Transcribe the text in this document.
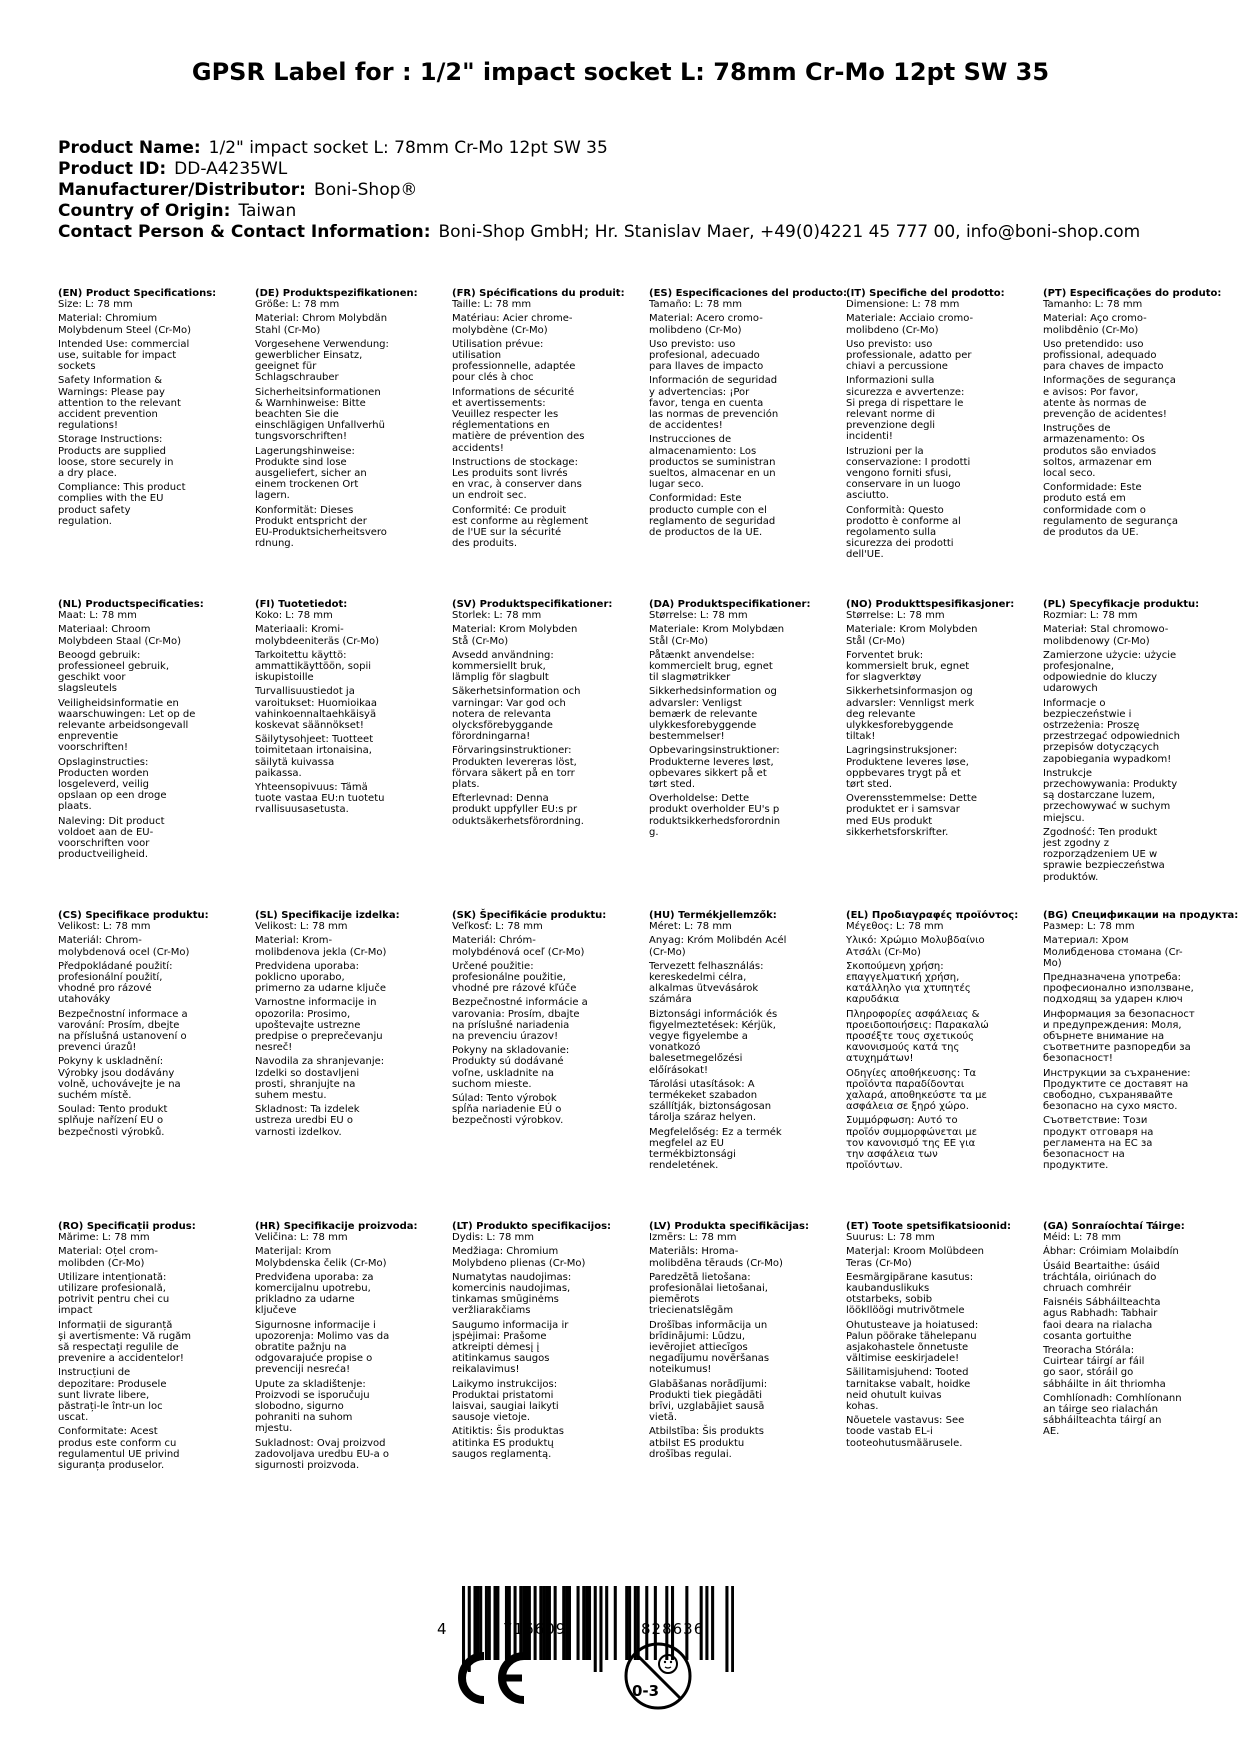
GPSR Label for : 1/2" impact socket L: 78mm Cr-Mo 12pt SW 35
Product Name: 1/2" impact socket L: 78mm Cr-Mo 12pt SW 35
Product ID: DD-A4235WL
Manufacturer/Distributor: Boni-Shop®
Country of Origin: Taiwan
Contact Person & Contact Information: Boni-Shop GmbH; Hr. Stanislav Maer, +49(0)4221 45 777 00, info@boni-shop.com
(EN) Product Specifications:
Size: L: 78 mm
Material: Chromium
Molybdenum Steel (Cr-Mo)
Intended Use: commercial
use, suitable for impact
sockets
Safety Information &
Warnings: Please pay
attention to the relevant
accident prevention
regulations!
Storage Instructions:
Products are supplied
loose, store securely in
a dry place.
Compliance: This product
complies with the EU
product safety
regulation.
(DE) Produktspezifikationen:
Größe: L: 78 mm
Material: Chrom Molybdän
Stahl (Cr-Mo)
Vorgesehene Verwendung:
gewerblicher Einsatz,
geeignet für
Schlagschrauber
Sicherheitsinformationen
& Warnhinweise: Bitte
beachten Sie die
einschlägigen Unfallverhü
tungsvorschriften!
Lagerungshinweise:
Produkte sind lose
ausgeliefert, sicher an
einem trockenen Ort
lagern.
Konformität: Dieses
Produkt entspricht der
EU-Produktsicherheitsvero
rdnung.
(FR) Spécifications du produit:
Taille: L: 78 mm
Matériau: Acier chrome-
molybdène (Cr-Mo)
Utilisation prévue:
utilisation
professionnelle, adaptée
pour clés à choc
Informations de sécurité
et avertissements:
Veuillez respecter les
réglementations en
matière de prévention des
accidents!
Instructions de stockage:
Les produits sont livrés
en vrac, à conserver dans
un endroit sec.
Conformité: Ce produit
est conforme au règlement
de l'UE sur la sécurité
des produits.
(ES) Especificaciones del producto:
Tamaño: L: 78 mm
Material: Acero cromo-
molibdeno (Cr-Mo)
Uso previsto: uso
profesional, adecuado
para llaves de impacto
Información de seguridad
y advertencias: ¡Por
favor, tenga en cuenta
las normas de prevención
de accidentes!
Instrucciones de
almacenamiento: Los
productos se suministran
sueltos, almacenar en un
lugar seco.
Conformidad: Este
producto cumple con el
reglamento de seguridad
de productos de la UE.
(IT) Specifiche del prodotto:
Dimensione: L: 78 mm
Materiale: Acciaio cromo-
molibdeno (Cr-Mo)
Uso previsto: uso
professionale, adatto per
chiavi a percussione
Informazioni sulla
sicurezza e avvertenze:
Si prega di rispettare le
relevant norme di
prevenzione degli
incidenti!
Istruzioni per la
conservazione: I prodotti
vengono forniti sfusi,
conservare in un luogo
asciutto.
Conformità: Questo
prodotto è conforme al
regolamento sulla
sicurezza dei prodotti
dell'UE.
(PT) Especificações do produto:
Tamanho: L: 78 mm
Material: Aço cromo-
molibdênio (Cr-Mo)
Uso pretendido: uso
profissional, adequado
para chaves de impacto
Informações de segurança
e avisos: Por favor,
atente às normas de
prevenção de acidentes!
Instruções de
armazenamento: Os
produtos são enviados
soltos, armazenar em
local seco.
Conformidade: Este
produto está em
conformidade com o
regulamento de segurança
de produtos da UE.
(NL) Productspecificaties:
Maat: L: 78 mm
Materiaal: Chroom
Molybdeen Staal (Cr-Mo)
Beoogd gebruik:
professioneel gebruik,
geschikt voor
slagsleutels
Veiligheidsinformatie en
waarschuwingen: Let op de
relevante arbeidsongevall
enpreventie
voorschriften!
Opslaginstructies:
Producten worden
losgeleverd, veilig
opslaan op een droge
plaats.
Naleving: Dit product
voldoet aan de EU-
voorschriften voor
productveiligheid.
(FI) Tuotetiedot:
Koko: L: 78 mm
Materiaali: Kromi-
molybdeeniteräs (Cr-Mo)
Tarkoitettu käyttö:
ammattikäyttöön, sopii
iskupistoille
Turvallisuustiedot ja
varoitukset: Huomioikaa
vahinkoennaltaehkäisyä
koskevat säännökset!
Säilytysohjeet: Tuotteet
toimitetaan irtonaisina,
säilytä kuivassa
paikassa.
Yhteensopivuus: Tämä
tuote vastaa EU:n tuotetu
rvallisuusasetusta.
(SV) Produktspecifikationer:
Storlek: L: 78 mm
Material: Krom Molybden
Stå (Cr-Mo)
Avsedd användning:
kommersiellt bruk,
lämplig för slagbult
Säkerhetsinformation och
varningar: Var god och
notera de relevanta
olycksförebyggande
förordningarna!
Förvaringsinstruktioner:
Produkten levereras löst,
förvara säkert på en torr
plats.
Efterlevnad: Denna
produkt uppfyller EU:s pr
oduktsäkerhetsförordning.
(DA) Produktspecifikationer:
Størrelse: L: 78 mm
Materiale: Krom Molybdæn
Stål (Cr-Mo)
Påtænkt anvendelse:
kommercielt brug, egnet
til slagmøtrikker
Sikkerhedsinformation og
advarsler: Venligst
bemærk de relevante
ulykkesforebyggende
bestemmelser!
Opbevaringsinstruktioner:
Produkterne leveres løst,
opbevares sikkert på et
tørt sted.
Overholdelse: Dette
produkt overholder EU's p
roduktsikkerhedsforordnin
g.
(NO) Produkttspesifikasjoner:
Størrelse: L: 78 mm
Materiale: Krom Molybden
Stål (Cr-Mo)
Forventet bruk:
kommersielt bruk, egnet
for slagverktøy
Sikkerhetsinformasjon og
advarsler: Vennligst merk
deg relevante
ulykkesforebyggende
tiltak!
Lagringsinstruksjoner:
Produktene leveres løse,
oppbevares trygt på et
tørt sted.
Overensstemmelse: Dette
produktet er i samsvar
med EUs produkt
sikkerhetsforskrifter.
(PL) Specyfikacje produktu:
Rozmiar: L: 78 mm
Materiał: Stal chromowo-
molibdenowy (Cr-Mo)
Zamierzone użycie: użycie
profesjonalne,
odpowiednie do kluczy
udarowych
Informacje o
bezpieczeństwie i
ostrzeżenia: Proszę
przestrzegać odpowiednich
przepisów dotyczących
zapobiegania wypadkom!
Instrukcje
przechowywania: Produkty
są dostarczane luzem,
przechowywać w suchym
miejscu.
Zgodność: Ten produkt
jest zgodny z
rozporządzeniem UE w
sprawie bezpieczeństwa
produktów.
(CS) Specifikace produktu:
Velikost: L: 78 mm
Materiál: Chrom-
molybdenová ocel (Cr-Mo)
Předpokládané použití:
profesionální použití,
vhodné pro rázové
utahováky
Bezpečnostní informace a
varování: Prosím, dbejte
na příslušná ustanovení o
prevenci úrazů!
Pokyny k uskladnění:
Výrobky jsou dodávány
volně, uchovávejte je na
suchém místě.
Soulad: Tento produkt
splňuje nařízení EU o
bezpečnosti výrobků.
(SL) Specifikacije izdelka:
Velikost: L: 78 mm
Material: Krom-
molibdenova jekla (Cr-Mo)
Predvidena uporaba:
poklicno uporabo,
primerno za udarne ključe
Varnostne informacije in
opozorila: Prosimo,
upoštevajte ustrezne
predpise o preprečevanju
nesreč!
Navodila za shranjevanje:
Izdelki so dostavljeni
prosti, shranjujte na
suhem mestu.
Skladnost: Ta izdelek
ustreza uredbi EU o
varnosti izdelkov.
(SK) Špecifikácie produktu:
Veľkosť: L: 78 mm
Materiál: Chróm-
molybdénová oceľ (Cr-Mo)
Určené použitie:
profesionálne použitie,
vhodné pre rázové kľúče
Bezpečnostné informácie a
varovania: Prosím, dbajte
na príslušné nariadenia
na prevenciu úrazov!
Pokyny na skladovanie:
Produkty sú dodávané
voľne, uskladnite na
suchom mieste.
Súlad: Tento výrobok
spĺňa nariadenie EÚ o
bezpečnosti výrobkov.
(HU) Termékjellemzők:
Méret: L: 78 mm
Anyag: Króm Molibdén Acél
(Cr-Mo)
Tervezett felhasználás:
kereskedelmi célra,
alkalmas ütvevásárok
számára
Biztonsági információk és
figyelmeztetések: Kérjük,
vegye figyelembe a
vonatkozó
balesetmegelőzési
előírásokat!
Tárolási utasítások: A
termékeket szabadon
szállítják, biztonságosan
tárolja száraz helyen.
Megfelelőség: Ez a termék
megfelel az EU
termékbiztonsági
rendeletének.
(EL) Προδιαγραφές προϊόντος:
Μέγεθος: L: 78 mm
Υλικό: Χρώμιο Μολυβδαίνιο
Ατσάλι (Cr-Mo)
Σκοπούμενη χρήση:
επαγγελματική χρήση,
κατάλληλο για χτυπητές
καρυδάκια
Πληροφορίες ασφάλειας &
προειδοποιήσεις: Παρακαλώ
προσέξτε τους σχετικούς
κανονισμούς κατά της
ατυχημάτων!
Οδηγίες αποθήκευσης: Τα
προϊόντα παραδίδονται
χαλαρά, αποθηκεύστε τα με
ασφάλεια σε ξηρό χώρο.
Συμμόρφωση: Αυτό το
προϊόν συμμορφώνεται με
τον κανονισμό της ΕΕ για
την ασφάλεια των
προϊόντων.
(BG) Спецификации на продукта:
Размер: L: 78 mm
Материал: Хром
Молибденова стомана (Cr-
Mo)
Предназначена употреба:
професионално използване,
подходящ за ударен ключ
Информация за безопасност
и предупреждения: Моля,
обърнете внимание на
съответните разпоредби за
безопасност!
Инструкции за съхранение:
Продуктите се доставят на
свободно, съхранявайте
безопасно на сухо място.
Съответствие: Този
продукт отговаря на
регламента на ЕС за
безопасност на
продуктите.
(RO) Specificații produs:
Mărime: L: 78 mm
Material: Oțel crom-
molibden (Cr-Mo)
Utilizare intenționată:
utilizare profesională,
potrivit pentru chei cu
impact
Informații de siguranță
și avertismente: Vă rugăm
să respectați regulile de
prevenire a accidentelor!
Instrucțiuni de
depozitare: Produsele
sunt livrate libere,
păstrați-le într-un loc
uscat.
Conformitate: Acest
produs este conform cu
regulamentul UE privind
siguranța produselor.
(HR) Specifikacije proizvoda:
Veličina: L: 78 mm
Materijal: Krom
Molybdenska čelik (Cr-Mo)
Predviđena uporaba: za
komercijalnu upotrebu,
prikladno za udarne
ključeve
Sigurnosne informacije i
upozorenja: Molimo vas da
obratite pažnju na
odgovarajuće propise o
prevenciji nesreća!
Upute za skladištenje:
Proizvodi se isporučuju
slobodno, sigurno
pohraniti na suhom
mjestu.
Sukladnost: Ovaj proizvod
zadovoljava uredbu EU-a o
sigurnosti proizvoda.
(LT) Produkto specifikacijos:
Dydis: L: 78 mm
Medžiaga: Chromium
Molybdeno plienas (Cr-Mo)
Numatytas naudojimas:
komercinis naudojimas,
tinkamas smūginėms
veržliarakčiams
Saugumo informacija ir
įspėjimai: Prašome
atkreipti dėmesį į
atitinkamus saugos
reikalavimus!
Laikymo instrukcijos:
Produktai pristatomi
laisvai, saugiai laikyti
sausoje vietoje.
Atitiktis: Šis produktas
atitinka ES produktų
saugos reglamentą.
(LV) Produkta specifikācijas:
Izmērs: L: 78 mm
Materiāls: Hroma-
molibdēna tērauds (Cr-Mo)
Paredzētā lietošana:
profesionālai lietošanai,
piemērots
triecienatslēgām
Drošības informācija un
brīdinājumi: Lūdzu,
ievērojiet attiecīgos
negadījumu novēršanas
noteikumus!
Glabāšanas norādījumi:
Produkti tiek piegādāti
brīvi, uzglabājiet sausā
vietā.
Atbilstība: Šis produkts
atbilst ES produktu
drošības regulai.
(ET) Toote spetsifikatsioonid:
Suurus: L: 78 mm
Materjal: Kroom Molübdeen
Teras (Cr-Mo)
Eesmärgipärane kasutus:
kaubanduslikuks
otstarbeks, sobib
löökllöögi mutrivõtmele
Ohutusteave ja hoiatused:
Palun pöörake tähelepanu
asjakohastele õnnetuste
vältimise eeskirjadele!
Säilitamisjuhend: Tooted
tarnitakse vabalt, hoidke
neid ohutult kuivas
kohas.
Nõuetele vastavus: See
toode vastab EL-i
tooteohutusmäärusele.
(GA) Sonraíochtaí Táirge:
Méid: L: 78 mm
Ábhar: Cróimiam Molaibdín
Úsáid Beartaithe: úsáid
tráchtála, oiriúnach do
chruach comhréir
Faisnéis Sábháilteachta
agus Rabhadh: Tabhair
faoi deara na rialacha
cosanta gortuithe
Treoracha Stórála:
Cuirtear táirgí ar fáil
go saor, stóráil go
sábháilte in áit thriomha
Comhlíonadh: Comhlíonann
an táirge seo rialachán
sábháilteachta táirgí an
AE.
4	716609	828636
0-3
